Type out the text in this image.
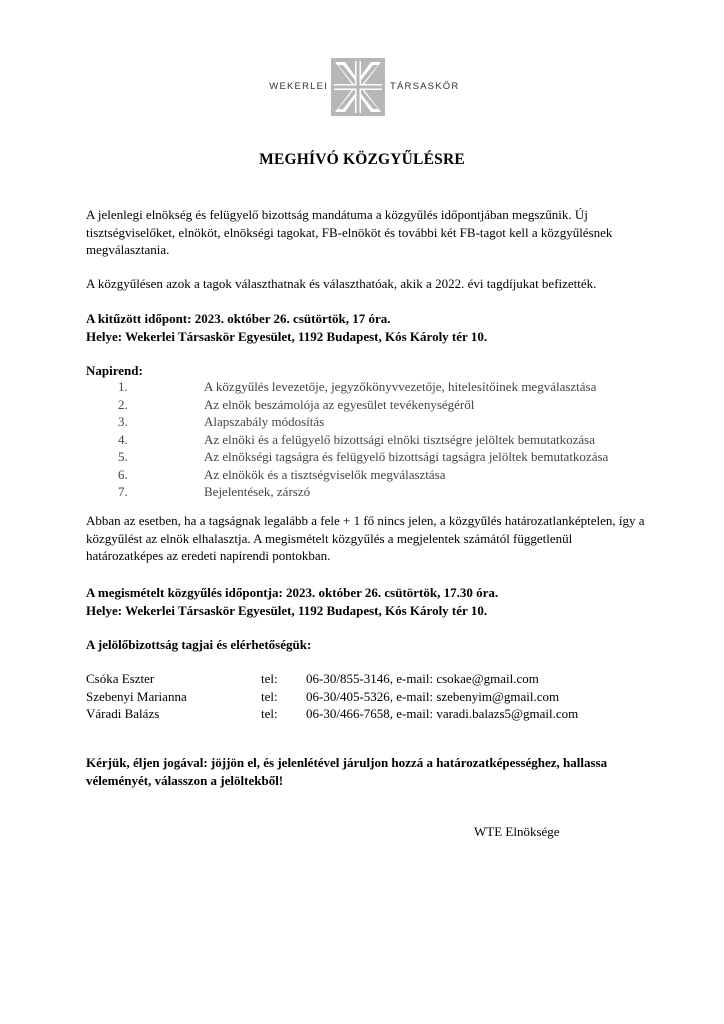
WEKERLEI	TÁRSASKÖR
MEGHÍVÓ KÖZGYŰLÉSRE

A jelenlegi elnökség és felügyelő bizottság mandátuma a közgyűlés időpontjában megszűnik. Új tisztségviselőket, elnököt, elnökségi tagokat, FB-elnököt és további két FB-tagot kell a közgyűlésnek megválasztania.

A közgyűlésen azok a tagok választhatnak és választhatóak, akik a 2022. évi tagdíjukat befizették.

A kitűzött időpont: 2023. október 26. csütörtök, 17 óra.

Helye: Wekerlei Társaskör Egyesület, 1192 Budapest, Kós Károly tér 10.

Napirend:

1.	A közgyűlés levezetője, jegyzőkönyvvezetője, hitelesítőinek megválasztása
2.	Az elnök beszámolója az egyesület tevékenységéről
3.	Alapszabály módosítás
4.	Az elnöki és a felügyelő bizottsági elnöki tisztségre jelöltek bemutatkozása
5.	Az elnökségi tagságra és felügyelő bizottsági tagságra jelöltek bemutatkozása
6.	Az elnökök és a tisztségviselők megválasztása
7.	Bejelentések, zárszó

Abban az esetben, ha a tagságnak legalább a fele + 1 fő nincs jelen, a közgyűlés határozatlanképtelen, így a közgyűlést az elnök elhalasztja. A megismételt közgyűlés a megjelentek számától függetlenül határozatképes az eredeti napirendi pontokban.

A megismételt közgyűlés időpontja: 2023. október 26. csütörtök, 17.30 óra.

Helye: Wekerlei Társaskör Egyesület, 1192 Budapest, Kós Károly tér 10.

A jelölőbizottság tagjai és elérhetőségük:

Csóka Eszter	tel: 06-30/855-3146, e-mail: csokae@gmail.com
Szebenyi Marianna	tel: 06-30/405-5326, e-mail: szebenyim@gmail.com
Váradi Balázs	tel: 06-30/466-7658, e-mail: varadi.balazs5@gmail.com

Kérjük, éljen jogával: jöjjön el, és jelenlétével járuljon hozzá a határozatképességhez, hallassa véleményét, válasszon a jelöltekből!

WTE Elnöksége
